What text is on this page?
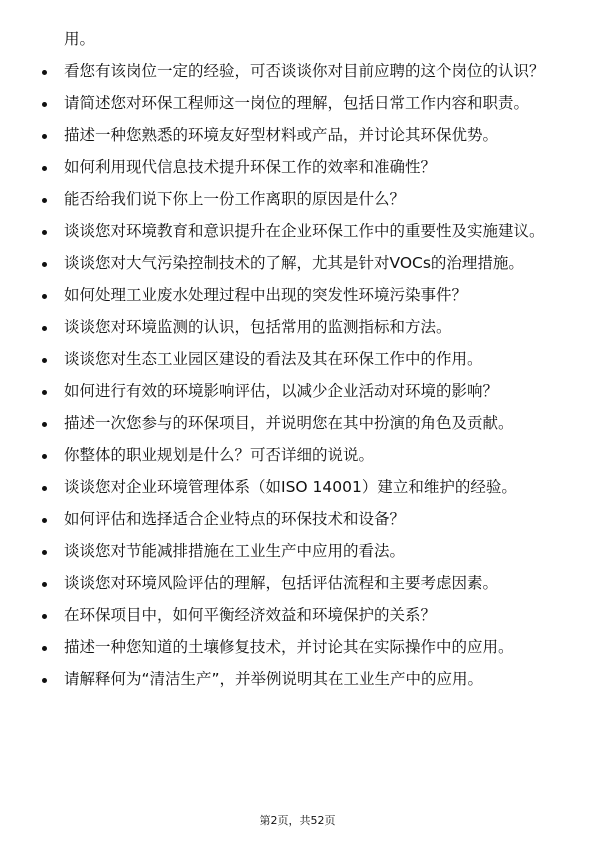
用。

看您有该岗位一定的经验，可否谈谈你对目前应聘的这个岗位的认识？
请简述您对环保工程师这一岗位的理解，包括日常工作内容和职责。
描述一种您熟悉的环境友好型材料或产品，并讨论其环保优势。
如何利用现代信息技术提升环保工作的效率和准确性？
能否给我们说下你上一份工作离职的原因是什么？
谈谈您对环境教育和意识提升在企业环保工作中的重要性及实施建议。
谈谈您对大气污染控制技术的了解，尤其是针对VOCs的治理措施。
如何处理工业废水处理过程中出现的突发性环境污染事件？
谈谈您对环境监测的认识，包括常用的监测指标和方法。
谈谈您对生态工业园区建设的看法及其在环保工作中的作用。
如何进行有效的环境影响评估，以减少企业活动对环境的影响？
描述一次您参与的环保项目，并说明您在其中扮演的角色及贡献。
你整体的职业规划是什么？可否详细的说说。
谈谈您对企业环境管理体系（如ISO 14001）建立和维护的经验。
如何评估和选择适合企业特点的环保技术和设备？
谈谈您对节能减排措施在工业生产中应用的看法。
谈谈您对环境风险评估的理解，包括评估流程和主要考虑因素。
在环保项目中，如何平衡经济效益和环境保护的关系？
描述一种您知道的土壤修复技术，并讨论其在实际操作中的应用。
请解释何为“清洁生产”，并举例说明其在工业生产中的应用。
第2页，共52页
